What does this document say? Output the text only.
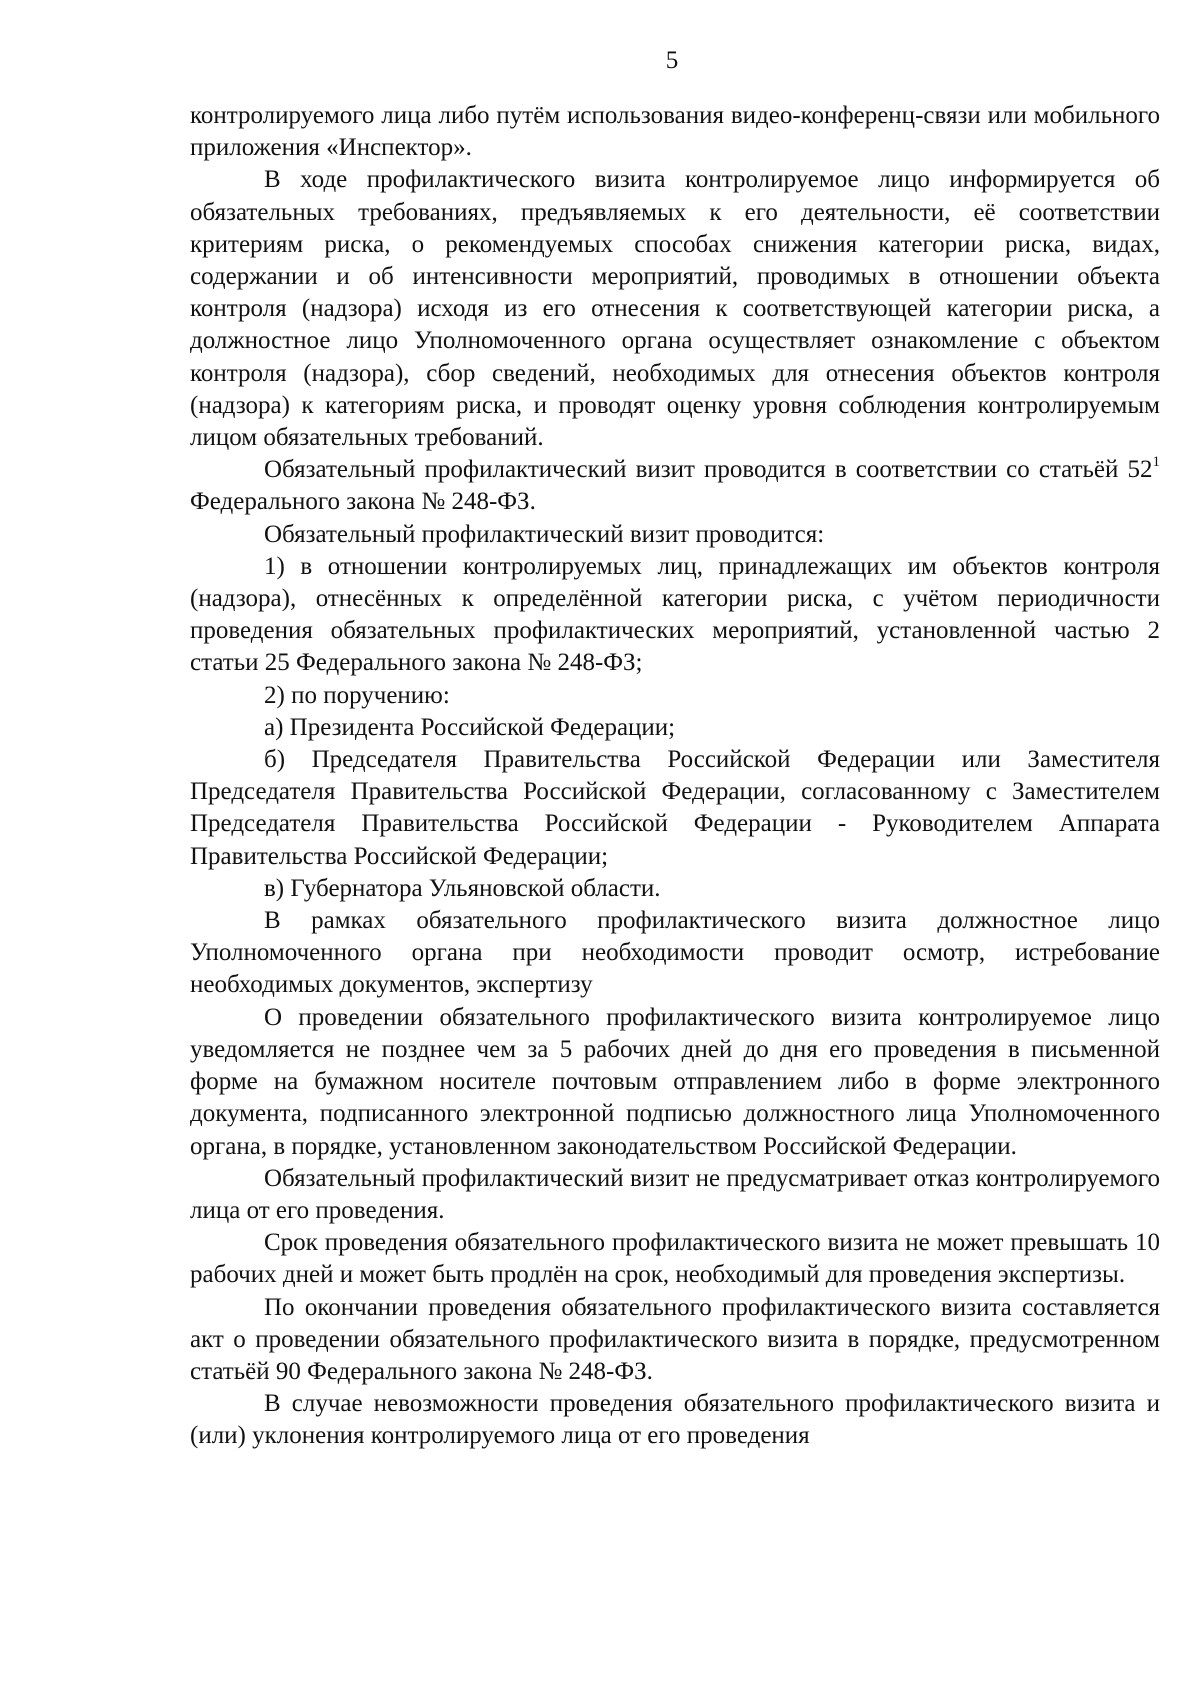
5

контролируемого лица либо путём использования видео-конференц-связи или мобильного приложения «Инспектор».

В ходе профилактического визита контролируемое лицо информируется об обязательных требованиях, предъявляемых к его деятельности, её соответствии критериям риска, о рекомендуемых способах снижения категории риска, видах, содержании и об интенсивности мероприятий, проводимых в отношении объекта контроля (надзора) исходя из его отнесения к соответствующей категории риска, а должностное лицо Уполномоченного органа осуществляет ознакомление с объектом контроля (надзора), сбор сведений, необходимых для отнесения объектов контроля (надзора) к категориям риска, и проводят оценку уровня соблюдения контролируемым лицом обязательных требований.

Обязательный профилактический визит проводится в соответствии со статьёй $52^1$ Федерального закона № 248-ФЗ.

Обязательный профилактический визит проводится:

1) в отношении контролируемых лиц, принадлежащих им объектов контроля (надзора), отнесённых к определённой категории риска, с учётом периодичности проведения обязательных профилактических мероприятий, установленной частью 2 статьи 25 Федерального закона № 248-ФЗ;

2) по поручению:

а) Президента Российской Федерации;

б) Председателя Правительства Российской Федерации или Заместителя Председателя Правительства Российской Федерации, согласованному с Заместителем Председателя Правительства Российской Федерации - Руководителем Аппарата Правительства Российской Федерации;

в) Губернатора Ульяновской области.

В рамках обязательного профилактического визита должностное лицо Уполномоченного органа при необходимости проводит осмотр, истребование необходимых документов, экспертизу

О проведении обязательного профилактического визита контролируемое лицо уведомляется не позднее чем за 5 рабочих дней до дня его проведения в письменной форме на бумажном носителе почтовым отправлением либо в форме электронного документа, подписанного электронной подписью должностного лица Уполномоченного органа, в порядке, установленном законодательством Российской Федерации.

Обязательный профилактический визит не предусматривает отказ контролируемого лица от его проведения.

Срок проведения обязательного профилактического визита не может превышать 10 рабочих дней и может быть продлён на срок, необходимый для проведения экспертизы.

По окончании проведения обязательного профилактического визита составляется акт о проведении обязательного профилактического визита в порядке, предусмотренном статьёй 90 Федерального закона № 248-ФЗ.

В случае невозможности проведения обязательного профилактического визита и (или) уклонения контролируемого лица от его проведения
